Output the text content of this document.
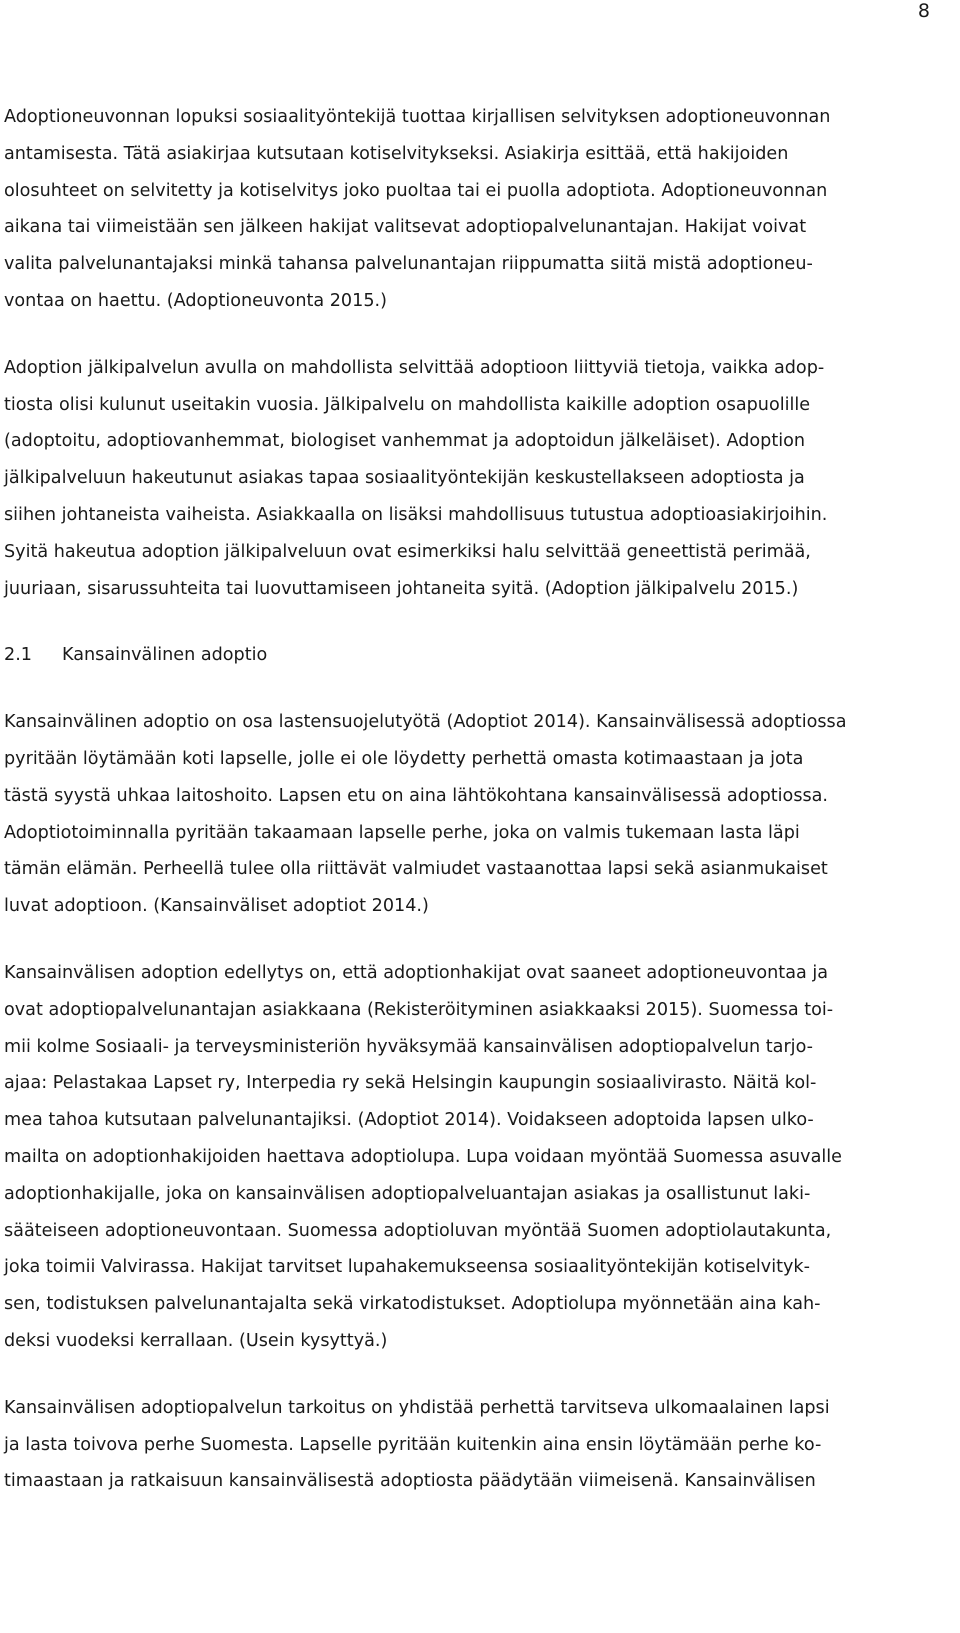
8
Adoptioneuvonnan lopuksi sosiaalityöntekijä tuottaa kirjallisen selvityksen adoptioneuvonnan
antamisesta. Tätä asiakirjaa kutsutaan kotiselvitykseksi. Asiakirja esittää, että hakijoiden
olosuhteet on selvitetty ja kotiselvitys joko puoltaa tai ei puolla adoptiota. Adoptioneuvonnan
aikana tai viimeistään sen jälkeen hakijat valitsevat adoptiopalvelunantajan. Hakijat voivat
valita palvelunantajaksi minkä tahansa palvelunantajan riippumatta siitä mistä adoptioneu-
vontaa on haettu. (Adoptioneuvonta 2015.)
Adoption jälkipalvelun avulla on mahdollista selvittää adoptioon liittyviä tietoja, vaikka adop-
tiosta olisi kulunut useitakin vuosia. Jälkipalvelu on mahdollista kaikille adoption osapuolille
(adoptoitu, adoptiovanhemmat, biologiset vanhemmat ja adoptoidun jälkeläiset). Adoption
jälkipalveluun hakeutunut asiakas tapaa sosiaalityöntekijän keskustellakseen adoptiosta ja
siihen johtaneista vaiheista. Asiakkaalla on lisäksi mahdollisuus tutustua adoptioasiakirjoihin.
Syitä hakeutua adoption jälkipalveluun ovat esimerkiksi halu selvittää geneettistä perimää,
juuriaan, sisarussuhteita tai luovuttamiseen johtaneita syitä. (Adoption jälkipalvelu 2015.)
2.1 Kansainvälinen adoptio
Kansainvälinen adoptio on osa lastensuojelutyötä (Adoptiot 2014). Kansainvälisessä adoptiossa
pyritään löytämään koti lapselle, jolle ei ole löydetty perhettä omasta kotimaastaan ja jota
tästä syystä uhkaa laitoshoito. Lapsen etu on aina lähtökohtana kansainvälisessä adoptiossa.
Adoptiotoiminnalla pyritään takaamaan lapselle perhe, joka on valmis tukemaan lasta läpi
tämän elämän. Perheellä tulee olla riittävät valmiudet vastaanottaa lapsi sekä asianmukaiset
luvat adoptioon. (Kansainväliset adoptiot 2014.)
Kansainvälisen adoption edellytys on, että adoptionhakijat ovat saaneet adoptioneuvontaa ja
ovat adoptiopalvelunantajan asiakkaana (Rekisteröityminen asiakkaaksi 2015). Suomessa toi-
mii kolme Sosiaali- ja terveysministeriön hyväksymää kansainvälisen adoptiopalvelun tarjo-
ajaa: Pelastakaa Lapset ry, Interpedia ry sekä Helsingin kaupungin sosiaalivirasto. Näitä kol-
mea tahoa kutsutaan palvelunantajiksi. (Adoptiot 2014). Voidakseen adoptoida lapsen ulko-
mailta on adoptionhakijoiden haettava adoptiolupa. Lupa voidaan myöntää Suomessa asuvalle
adoptionhakijalle, joka on kansainvälisen adoptiopalveluantajan asiakas ja osallistunut laki-
sääteiseen adoptioneuvontaan. Suomessa adoptioluvan myöntää Suomen adoptiolautakunta,
joka toimii Valvirassa. Hakijat tarvitset lupahakemukseensa sosiaalityöntekijän kotiselvityk-
sen, todistuksen palvelunantajalta sekä virkatodistukset. Adoptiolupa myönnetään aina kah-
deksi vuodeksi kerrallaan. (Usein kysyttyä.)
Kansainvälisen adoptiopalvelun tarkoitus on yhdistää perhettä tarvitseva ulkomaalainen lapsi
ja lasta toivova perhe Suomesta. Lapselle pyritään kuitenkin aina ensin löytämään perhe ko-
timaastaan ja ratkaisuun kansainvälisestä adoptiosta päädytään viimeisenä. Kansainvälisen
